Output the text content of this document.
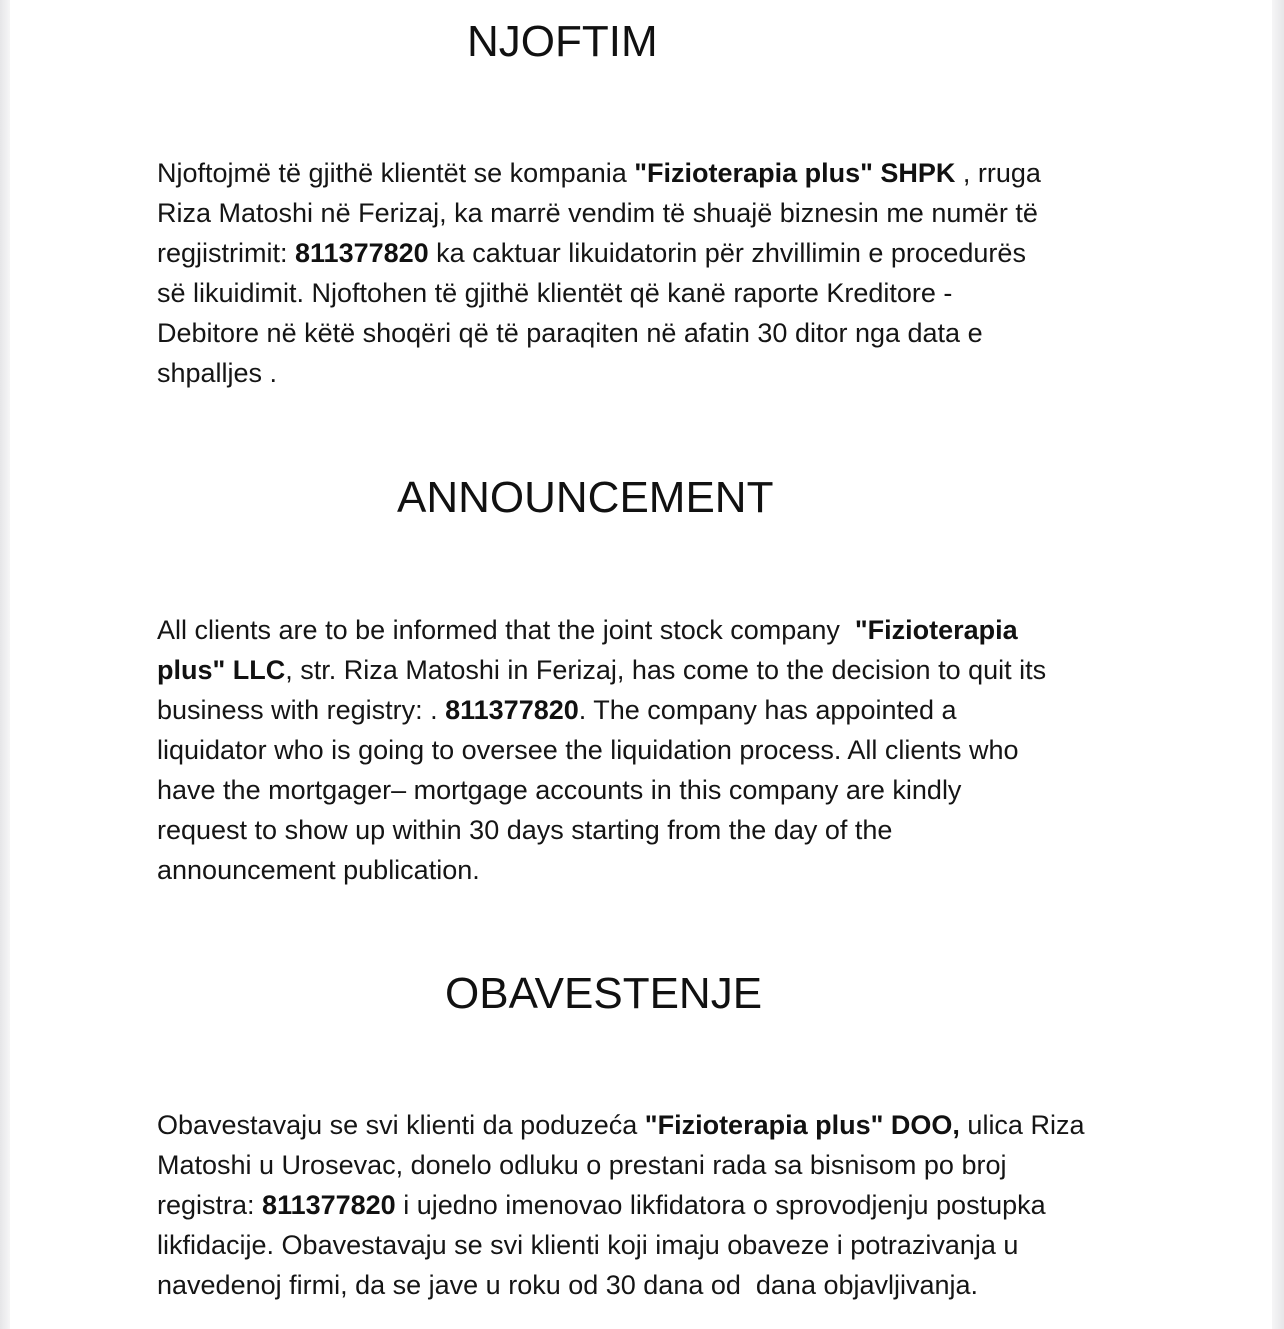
NJOFTIM
Njoftojmë të gjithë klientët se kompania "Fizioterapia plus" SHPK , rruga
Riza Matoshi në Ferizaj, ka marrë vendim të shuajë biznesin me numër të
regjistrimit: 811377820 ka caktuar likuidatorin për zhvillimin e procedurës
së likuidimit. Njoftohen të gjithë klientët që kanë raporte Kreditore -
Debitore në këtë shoqëri që të paraqiten në afatin 30 ditor nga data e
shpalljes .
ANNOUNCEMENT
All clients are to be informed that the joint stock company  "Fizioterapia
plus" LLC, str. Riza Matoshi in Ferizaj, has come to the decision to quit its
business with registry: . 811377820. The company has appointed a
liquidator who is going to oversee the liquidation process. All clients who
have the mortgager– mortgage accounts in this company are kindly
request to show up within 30 days starting from the day of the
announcement publication.
OBAVESTENJE
Obavestavaju se svi klienti da poduzeća "Fizioterapia plus" DOO, ulica Riza
Matoshi u Urosevac, donelo odluku o prestani rada sa bisnisom po broj
registra: 811377820 i ujedno imenovao likfidatora o sprovodjenju postupka
likfidacije. Obavestavaju se svi klienti koji imaju obaveze i potrazivanja u
navedenoj firmi, da se jave u roku od 30 dana od  dana objavljivanja.
